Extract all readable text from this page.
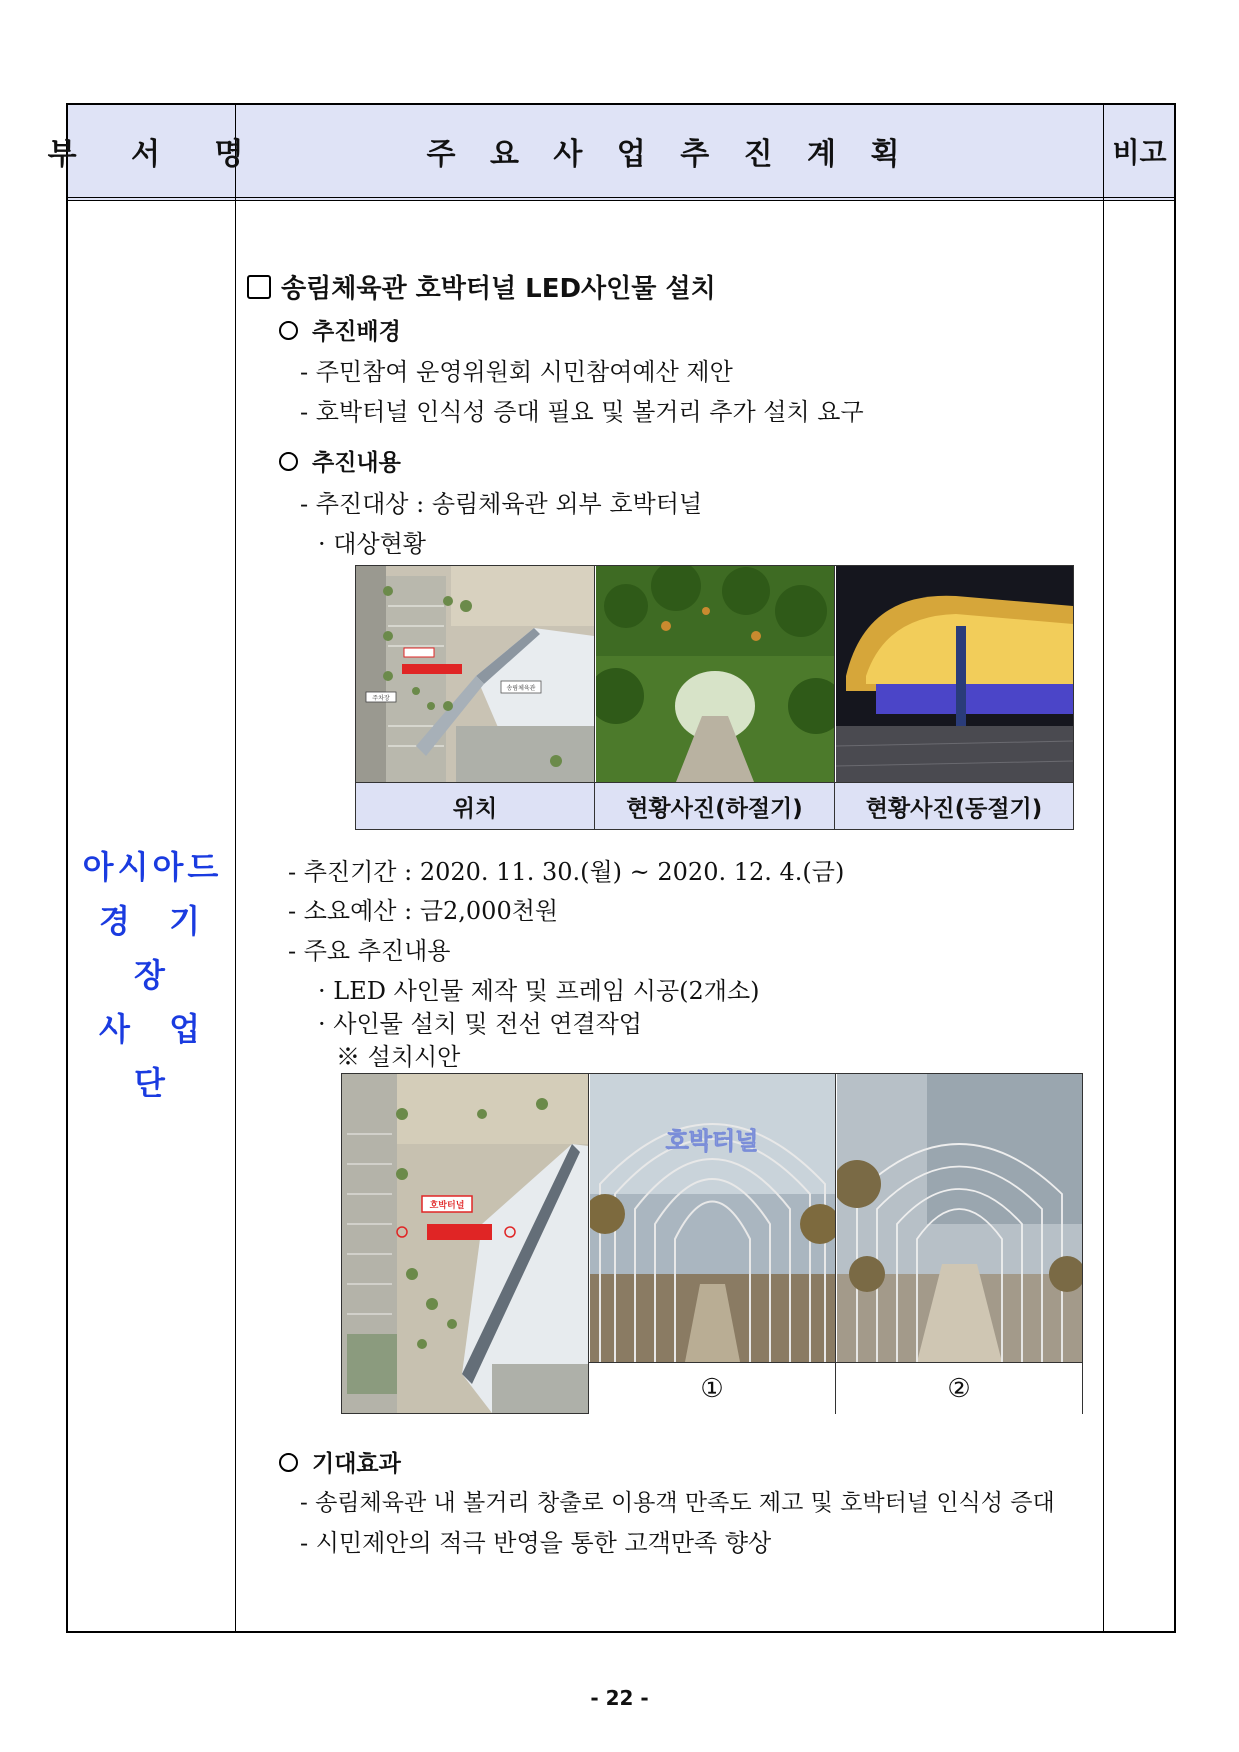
부 서 명	주 요 사 업 추 진 계 획	비고
아시아드
경 기 장
사 업 단
송림체육관 호박터널 LED사인물 설치
추진배경
- 주민참여 운영위원회 시민참여예산 제안
- 호박터널 인식성 증대 필요 및 볼거리 추가 설치 요구
추진내용
- 추진대상 : 송림체육관 외부 호박터널
· 대상현황
송림체육관
주차장
위치	현황사진(하절기)	현황사진(동절기)
- 추진기간 : 2020. 11. 30.(월) ~ 2020. 12. 4.(금)
- 소요예산 : 금2,000천원
- 주요 추진내용
· LED 사인물 제작 및 프레임 시공(2개소)
· 사인물 설치 및 전선 연결작업
※ 설치시안
호박터널
호박터널
①	②
기대효과
- 송림체육관 내 볼거리 창출로 이용객 만족도 제고 및 호박터널 인식성 증대
- 시민제안의 적극 반영을 통한 고객만족 향상
- 22 -
